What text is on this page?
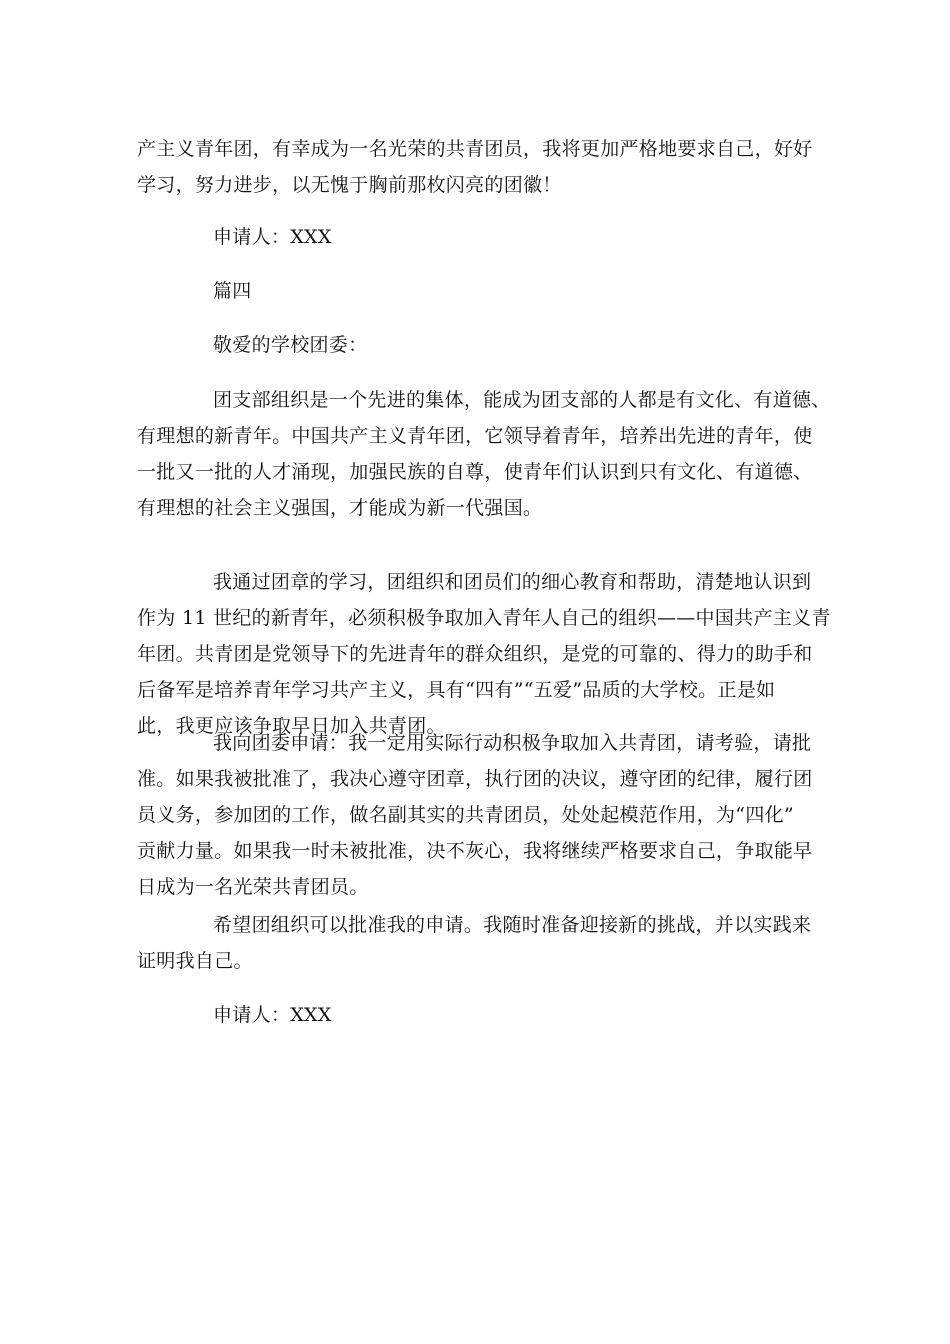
产主义青年团，有幸成为一名光荣的共青团员，我将更加严格地要求自己，好好
学习，努力进步，以无愧于胸前那枚闪亮的团徽！
申请人：XXX
篇四
敬爱的学校团委：
团支部组织是一个先进的集体，能成为团支部的人都是有文化、有道德、
有理想的新青年。中国共产主义青年团，它领导着青年，培养出先进的青年，使
一批又一批的人才涌现，加强民族的自尊，使青年们认识到只有文化、有道德、
有理想的社会主义强国，才能成为新一代强国。
我通过团章的学习，团组织和团员们的细心教育和帮助，清楚地认识到
作为 11 世纪的新青年，必须积极争取加入青年人自己的组织——中国共产主义青
年团。共青团是党领导下的先进青年的群众组织，是党的可靠的、得力的助手和
后备军是培养青年学习共产主义，具有“四有”“五爱”品质的大学校。正是如
此，我更应该争取早日加入共青团。
我向团委申请：我一定用实际行动积极争取加入共青团，请考验，请批
准。如果我被批准了，我决心遵守团章，执行团的决议，遵守团的纪律，履行团
员义务，参加团的工作，做名副其实的共青团员，处处起模范作用，为“四化”
贡献力量。如果我一时未被批准，决不灰心，我将继续严格要求自己，争取能早
日成为一名光荣共青团员。
希望团组织可以批准我的申请。我随时准备迎接新的挑战，并以实践来
证明我自己。
申请人：XXX
